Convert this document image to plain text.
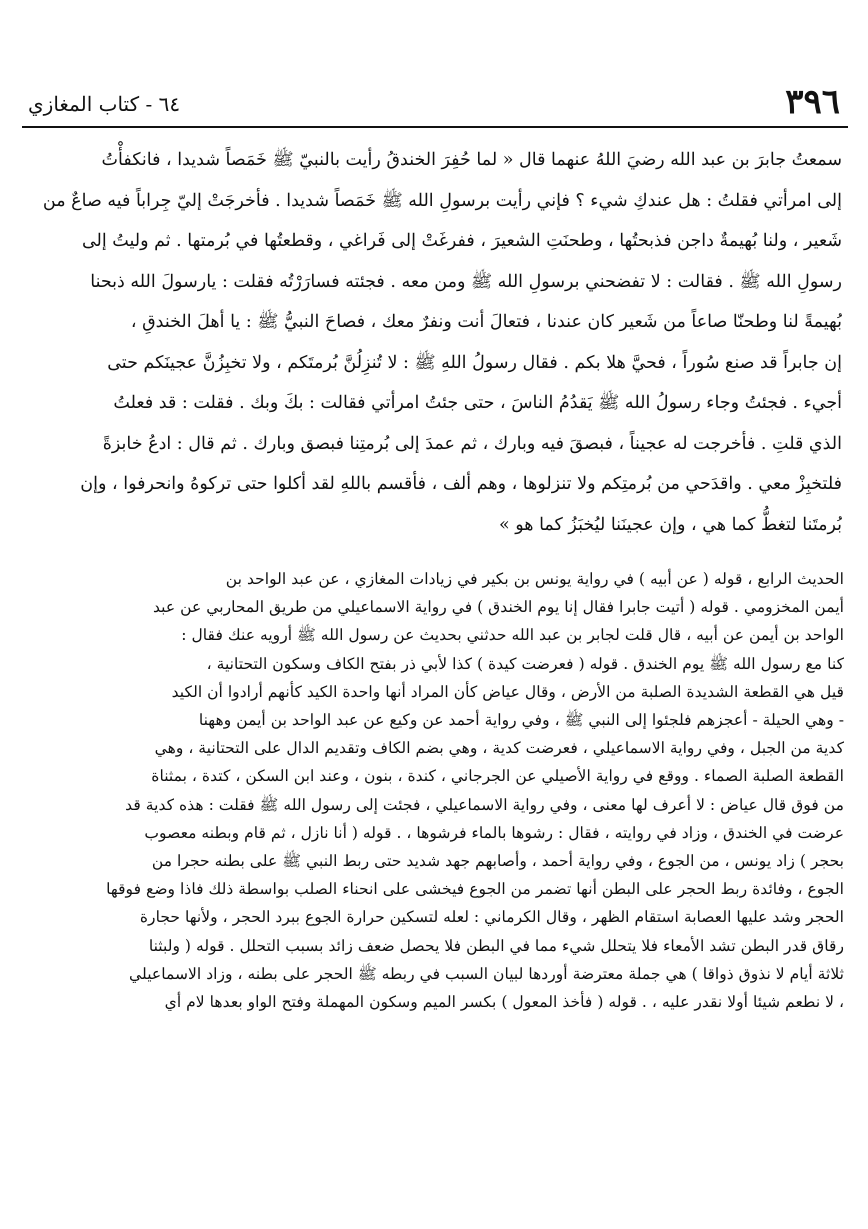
٣٩٦
٦٤ - كتاب المغازي
سمعتُ جابرَ بن عبد الله رضيَ اللهُ عنهما قال « لما حُفِرَ الخندقُ رأيت بالنبيّ ﷺ خَمَصاً شديدا ، فانكفأْتُ
إلى امرأتي فقلتُ : هل عندكِ شيء ؟ فإني رأيت برسولِ الله ﷺ خَمَصاً شديدا . فأخرجَتْ إليّ جِراباً فيه صاعٌ من
شَعير ، ولنا بُهيمةٌ داجن فذبحتُها ، وطحنَتِ الشعيرَ ، ففرغَتْ إلى فَراغي ، وقطعتُها في بُرمتها . ثم وليتُ إلى
رسولِ الله ﷺ . فقالت : لا تفضحني برسولِ الله ﷺ ومن معه . فجئته فسارَرْتُه فقلت : يارسولَ الله ذبحنا
بُهيمةً لنا وطحنّا صاعاً من شَعير كان عندنا ، فتعالَ أنت ونفرٌ معك ، فصاحَ النبيُّ ﷺ : يا أهلَ الخندقِ ،
إن جابراً قد صنع سُوراً ، فحيَّ هلا بكم . فقال رسولُ اللهِ ﷺ : لا تُنزِلُنَّ بُرمتَكم ، ولا تخبِزُنَّ عجينَكم حتى
أجيء . فجئتُ وجاء رسولُ الله ﷺ يَقدُمُ الناسَ ، حتى جئتُ امرأتي فقالت : بكَ وبك . فقلت : قد فعلتُ
الذي قلتِ . فأخرجت له عجيناً ، فبصقَ فيه وبارك ، ثم عمدَ إلى بُرمتِنا فبصق وبارك . ثم قال : ادعُ خابزةً
فلتخبِزْ معي . واقدَحي من بُرمتِكم ولا تنزلوها ، وهم ألف ، فأقسم باللهِ لقد أكلوا حتى تركوهُ وانحرفوا ، وإن
بُرمتَنا لتغطُّ كما هي ، وإن عجينَنا ليُخبَزُ كما هو »
الحديث الرابع ، قوله ( عن أبيه ) في رواية يونس بن بكير في زيادات المغازي ، عن عبد الواحد بن
أيمن المخزومي . قوله ( أتيت جابرا فقال إنا يوم الخندق ) في رواية الاسماعيلي من طريق المحاربي عن عبد
الواحد بن أيمن عن أبيه ، قال قلت لجابر بن عبد الله حدثني بحديث عن رسول الله ﷺ أرويه عنك فقال :
كنا مع رسول الله ﷺ يوم الخندق . قوله ( فعرضت كيدة ) كذا لأبي ذر بفتح الكاف وسكون التحتانية ،
قيل هي القطعة الشديدة الصلبة من الأرض ، وقال عياض كأن المراد أنها واحدة الكيد كأنهم أرادوا أن الكيد
- وهي الحيلة - أعجزهم فلجئوا إلى النبي ﷺ ، وفي رواية أحمد عن وكيع عن عبد الواحد بن أيمن وههنا
كدية من الجبل ، وفي رواية الاسماعيلي ، فعرضت كدية ، وهي بضم الكاف وتقديم الدال على التحتانية ، وهي
القطعة الصلبة الصماء . ووقع في رواية الأصيلي عن الجرجاني ، كندة ، بنون ، وعند ابن السكن ، كتدة ، بمثناة
من فوق قال عياض : لا أعرف لها معنى ، وفي رواية الاسماعيلي ، فجئت إلى رسول الله ﷺ فقلت : هذه كدية قد
عرضت في الخندق ، وزاد في روايته ، فقال : رشوها بالماء فرشوها ، . قوله ( أنا نازل ، ثم قام وبطنه معصوب
بحجر ) زاد يونس ، من الجوع ، وفي رواية أحمد ، وأصابهم جهد شديد حتى ربط النبي ﷺ على بطنه حجرا من
الجوع ، وفائدة ربط الحجر على البطن أنها تضمر من الجوع فيخشى على انحناء الصلب بواسطة ذلك فاذا وضع فوقها
الحجر وشد عليها العصابة استقام الظهر ، وقال الكرماني : لعله لتسكين حرارة الجوع ببرد الحجر ، ولأنها حجارة
رقاق قدر البطن تشد الأمعاء فلا يتحلل شيء مما في البطن فلا يحصل ضعف زائد بسبب التحلل . قوله ( ولبثنا
ثلاثة أيام لا نذوق ذواقا ) هي جملة معترضة أوردها لبيان السبب في ربطه ﷺ الحجر على بطنه ، وزاد الاسماعيلي
، لا نطعم شيئا أولا نقدر عليه ، . قوله ( فأخذ المعول ) بكسر الميم وسكون المهملة وفتح الواو بعدها لام أي
